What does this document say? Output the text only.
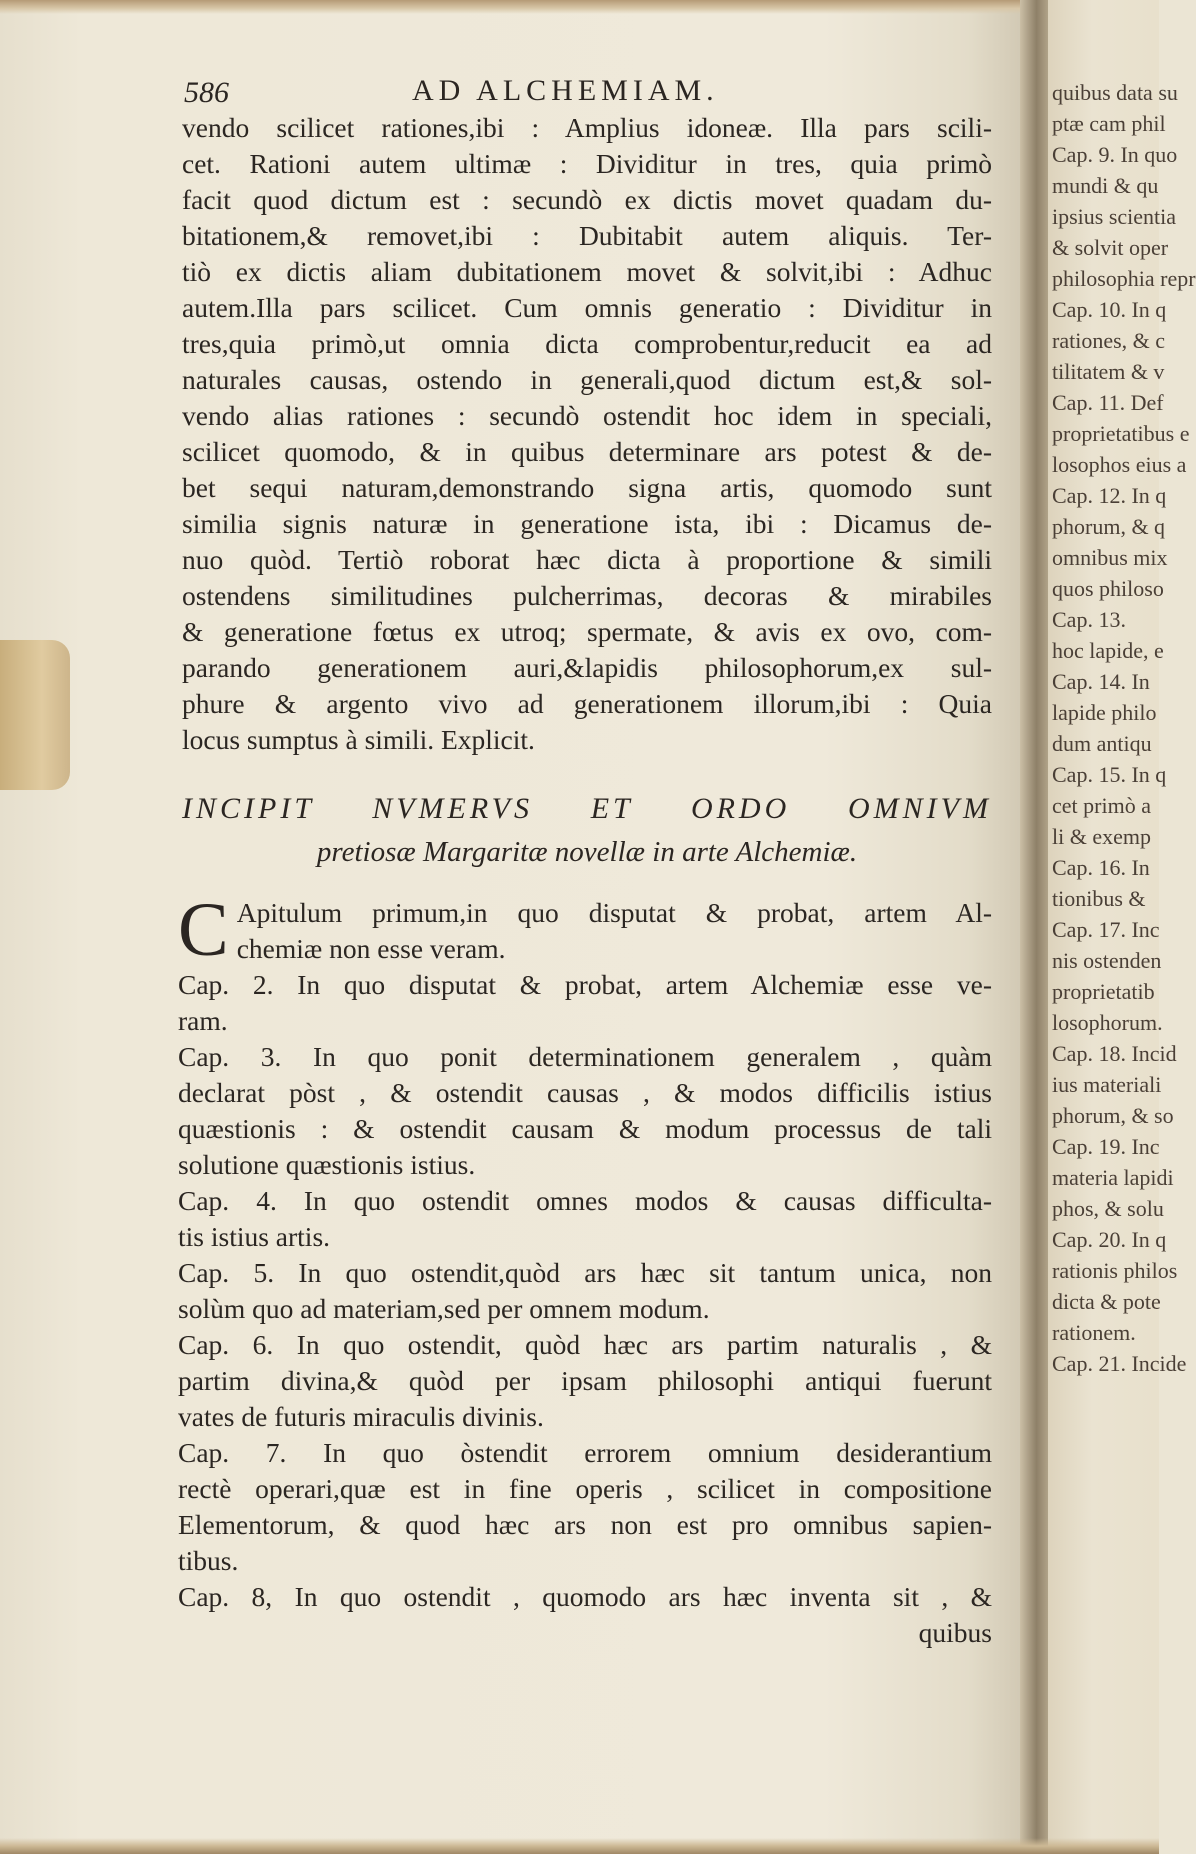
quibus data su
ptæ cam phil
Cap. 9. In quo
mundi & qu
ipsius scientia
& solvit oper
philosophia repr
Cap. 10. In q
rationes, & c
tilitatem & v
Cap. 11. Def
proprietatibus e
losophos eius a
Cap. 12. In q
phorum, & q
omnibus mix
quos philoso
Cap. 13.
hoc lapide, e
Cap. 14. In
lapide philo
dum antiqu
Cap. 15. In q
cet primò a
li & exemp
Cap. 16. In
tionibus &
Cap. 17. Inc
nis ostenden
proprietatib
losophorum.
Cap. 18. Incid
ius materiali
phorum, & so
Cap. 19. Inc
materia lapidi
phos, & solu
Cap. 20. In q
rationis philos
dicta & pote
rationem.
Cap. 21. Incide
586	AD ALCHEMIAM.
vendo scilicet rationes,ibi : Amplius idoneæ. Illa pars scili-
cet. Rationi autem ultimæ : Dividitur in tres, quia primò
facit quod dictum est : secundò ex dictis movet quadam du-
bitationem,& removet,ibi : Dubitabit autem aliquis. Ter-
tiò ex dictis aliam dubitationem movet & solvit,ibi : Adhuc
autem.Illa pars scilicet. Cum omnis generatio : Dividitur in
tres,quia primò,ut omnia dicta comprobentur,reducit ea ad
naturales causas, ostendo in generali,quod dictum est,& sol-
vendo alias rationes : secundò ostendit hoc idem in speciali,
scilicet quomodo, & in quibus determinare ars potest & de-
bet sequi naturam,demonstrando signa artis, quomodo sunt
similia signis naturæ in generatione ista, ibi : Dicamus de-
nuo quòd. Tertiò roborat hæc dicta à proportione & simili
ostendens similitudines pulcherrimas, decoras & mirabiles
& generatione fœtus ex utroq; spermate, & avis ex ovo, com-
parando generationem auri,&lapidis philosophorum,ex sul-
phure & argento vivo ad generationem illorum,ibi : Quia
locus sumptus à simili. Explicit.
INCIPIT NVMERVS ET ORDO OMNIVM
pretiosæ Margaritæ novellæ in arte Alchemiæ.
C Apitulum primum,in quo disputat & probat, artem Al-
chemiæ non esse veram.
Cap. 2. In quo disputat & probat, artem Alchemiæ esse ve-
ram.
Cap. 3. In quo ponit determinationem generalem , quàm
declarat pòst , & ostendit causas , & modos difficilis istius
quæstionis : & ostendit causam & modum processus de tali
solutione quæstionis istius.
Cap. 4. In quo ostendit omnes modos & causas difficulta-
tis istius artis.
Cap. 5. In quo ostendit,quòd ars hæc sit tantum unica, non
solùm quo ad materiam,sed per omnem modum.
Cap. 6. In quo ostendit, quòd hæc ars partim naturalis , &
partim divina,& quòd per ipsam philosophi antiqui fuerunt
vates de futuris miraculis divinis.
Cap. 7. In quo òstendit errorem omnium desiderantium
rectè operari,quæ est in fine operis , scilicet in compositione
Elementorum, & quod hæc ars non est pro omnibus sapien-
tibus.
Cap. 8, In quo ostendit , quomodo ars hæc inventa sit , &
quibus
